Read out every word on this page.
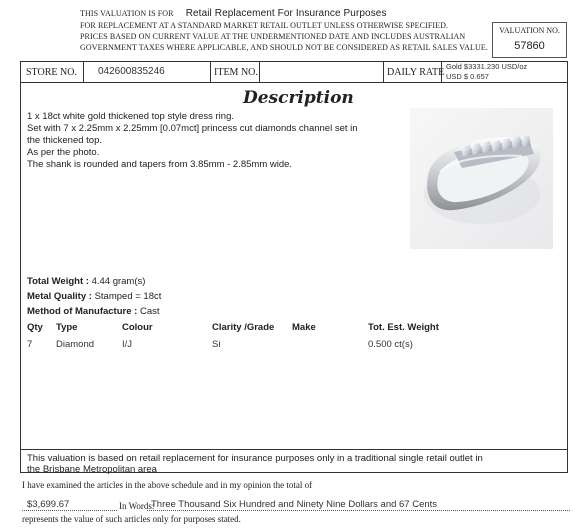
THIS VALUATION IS FOR Retail Replacement For Insurance Purposes
FOR REPLACEMENT AT A STANDARD MARKET RETAIL OUTLET UNLESS OTHERWISE SPECIFIED.
PRICES BASED ON CURRENT VALUE AT THE UNDERMENTIONED DATE AND INCLUDES AUSTRALIAN
GOVERNMENT TAXES WHERE APPLICABLE, AND SHOULD NOT BE CONSIDERED AS RETAIL SALES VALUE.
VALUATION NO.
57860
STORE NO. 042600835246	ITEM NO.	DAILY RATE
Gold $3331.230 USD/oz
USD $ 0.657
Description
1 x 18ct white gold thickened top style dress ring.
Set with 7 x 2.25mm x 2.25mm [0.07mct] princess cut diamonds channel set in
the thickened top.
As per the photo.
The shank is rounded and tapers from 3.85mm - 2.85mm wide.
Total Weight : 4.44 gram(s)
Metal Quality : Stamped = 18ct
Method of Manufacture : Cast
Qty Type	Colour	Clarity /Grade Make	Tot. Est. Weight
7 Diamond	I/J	Si	0.500 ct(s)
This valuation is based on retail replacement for insurance purposes only in a traditional single retail outlet in
the Brisbane Metropolitan area
I have examined the articles in the above schedule and in my opinion the total of
$3,699.67	In Words:
Three Thousand Six Hundred and Ninety Nine Dollars and 67 Cents
represents the value of such articles only for purposes stated.
